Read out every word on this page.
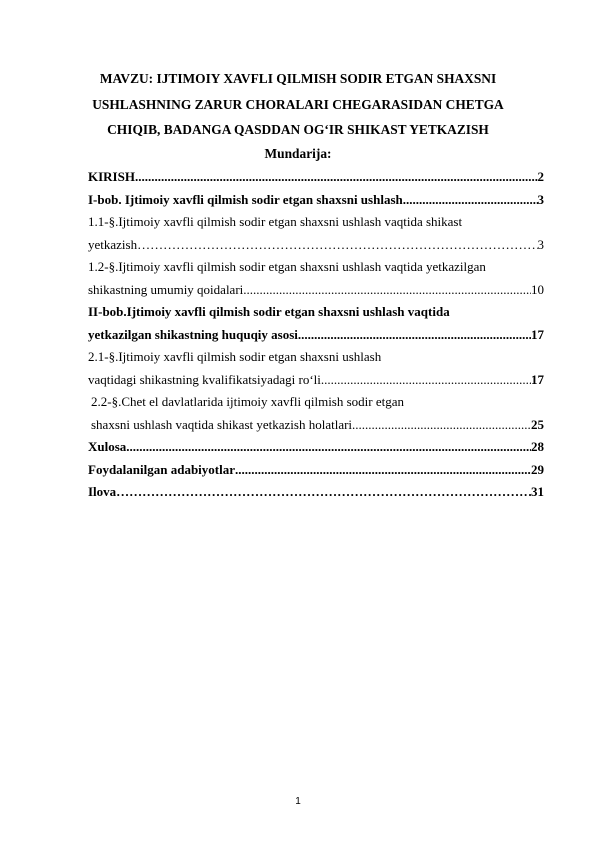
MAVZU: IJTIMOIY XAVFLI QILMISH SODIR ETGAN SHAXSNI
USHLASHNING ZARUR CHORALARI CHEGARASIDAN CHETGA
CHIQIB, BADANGA QASDDAN OG‘IR SHIKAST YETKAZISH
Mundarija:
KIRISH .....	2
I-bob. Ijtimoiy xavfli qilmish sodir etgan shaxsni ushlash .....	3
1.1-§.Ijtimoiy xavfli qilmish sodir etgan shaxsni ushlash vaqtida shikast
yetkazish ……………………………………………………………………………………………………………………………………………	3
1.2-§.Ijtimoiy xavfli qilmish sodir etgan shaxsni ushlash vaqtida yetkazilgan
shikastning umumiy qoidalari .....	10
II-bob.Ijtimoiy xavfli qilmish sodir etgan shaxsni ushlash vaqtida
yetkazilgan shikastning huquqiy asosi .....	17
2.1-§.Ijtimoiy xavfli qilmish sodir etgan shaxsni ushlash
vaqtidagi shikastning kvalifikatsiyadagi ro‘li .....	17
2.2-§.Chet el davlatlarida ijtimoiy xavfli qilmish sodir etgan
shaxsni ushlash vaqtida shikast yetkazish holatlari .....	25
Xulosa .....	28
Foydalanilgan adabiyotlar .....	29
Ilova ……………………………………………………………………………………………………………………………………………	31
1
